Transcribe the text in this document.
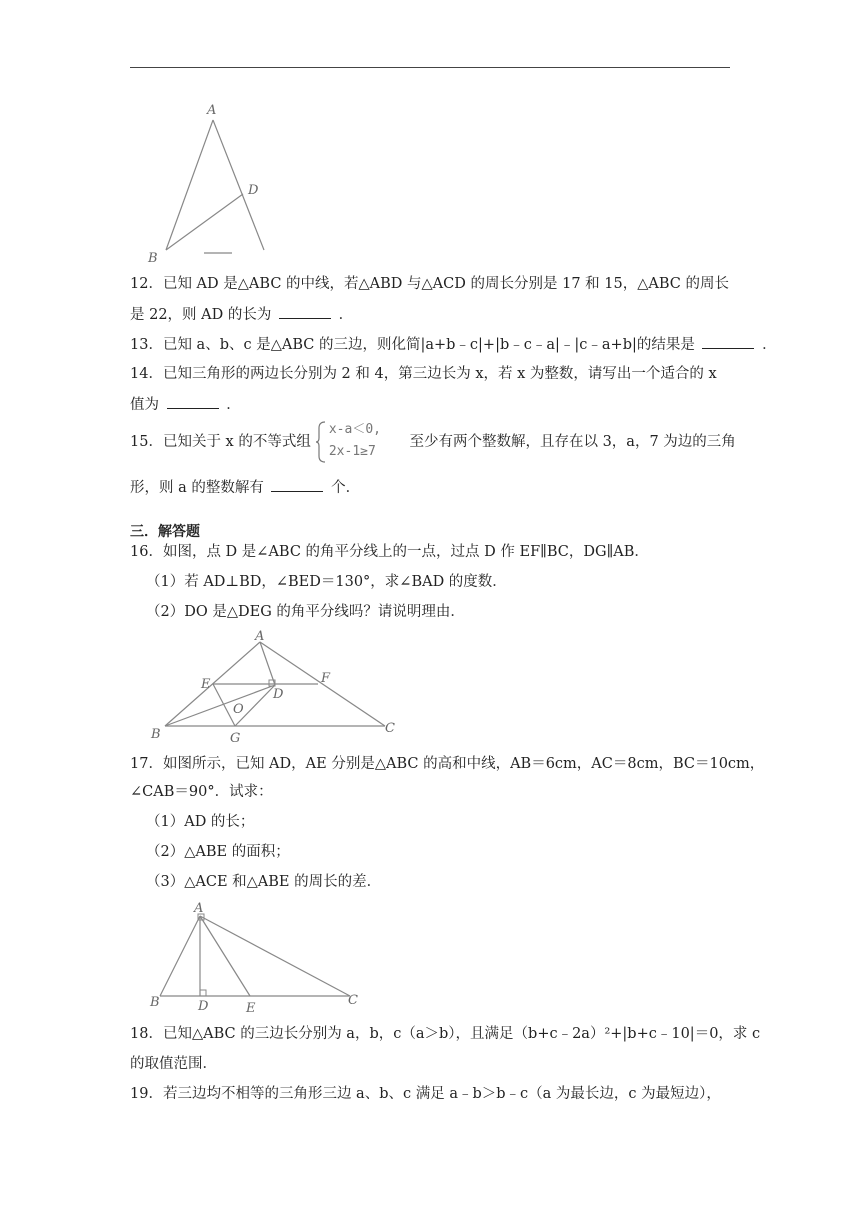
A
D
B
12．已知 AD 是△ABC 的中线，若△ABD 与△ACD 的周长分别是 17 和 15，△ABC 的周长
是 22，则 AD 的长为	．
13．已知 a、b、c 是△ABC 的三边，则化简|a+b﹣c|+|b﹣c﹣a|﹣|c﹣a+b|的结果是	．
14．已知三角形的两边长分别为 2 和 4，第三边长为 x，若 x 为整数，请写出一个适合的 x
值为	．
15．已知关于 x 的不等式组
x-a＜0,
2x-1≥7
至少有两个整数解，且存在以 3，a，7 为边的三角
形，则 a 的整数解有	个．
三．解答题
16．如图，点 D 是∠ABC 的角平分线上的一点，过点 D 作 EF∥BC，DG∥AB．
（1）若 AD⊥BD，∠BED＝130°，求∠BAD 的度数．
（2）DO 是△DEG 的角平分线吗？请说明理由．
A
E
D
F
O
B	G
C
17．如图所示，已知 AD，AE 分别是△ABC 的高和中线，AB＝6cm，AC＝8cm，BC＝10cm，
∠CAB＝90°．试求：
（1）AD 的长；
（2）△ABE 的面积；
（3）△ACE 和△ABE 的周长的差．
A
B	D	E
C
18．已知△ABC 的三边长分别为 a，b，c（a＞b），且满足（b+c﹣2a）²+|b+c﹣10|＝0，求 c
的取值范围．
19．若三边均不相等的三角形三边 a、b、c 满足 a﹣b＞b﹣c（a 为最长边，c 为最短边），
